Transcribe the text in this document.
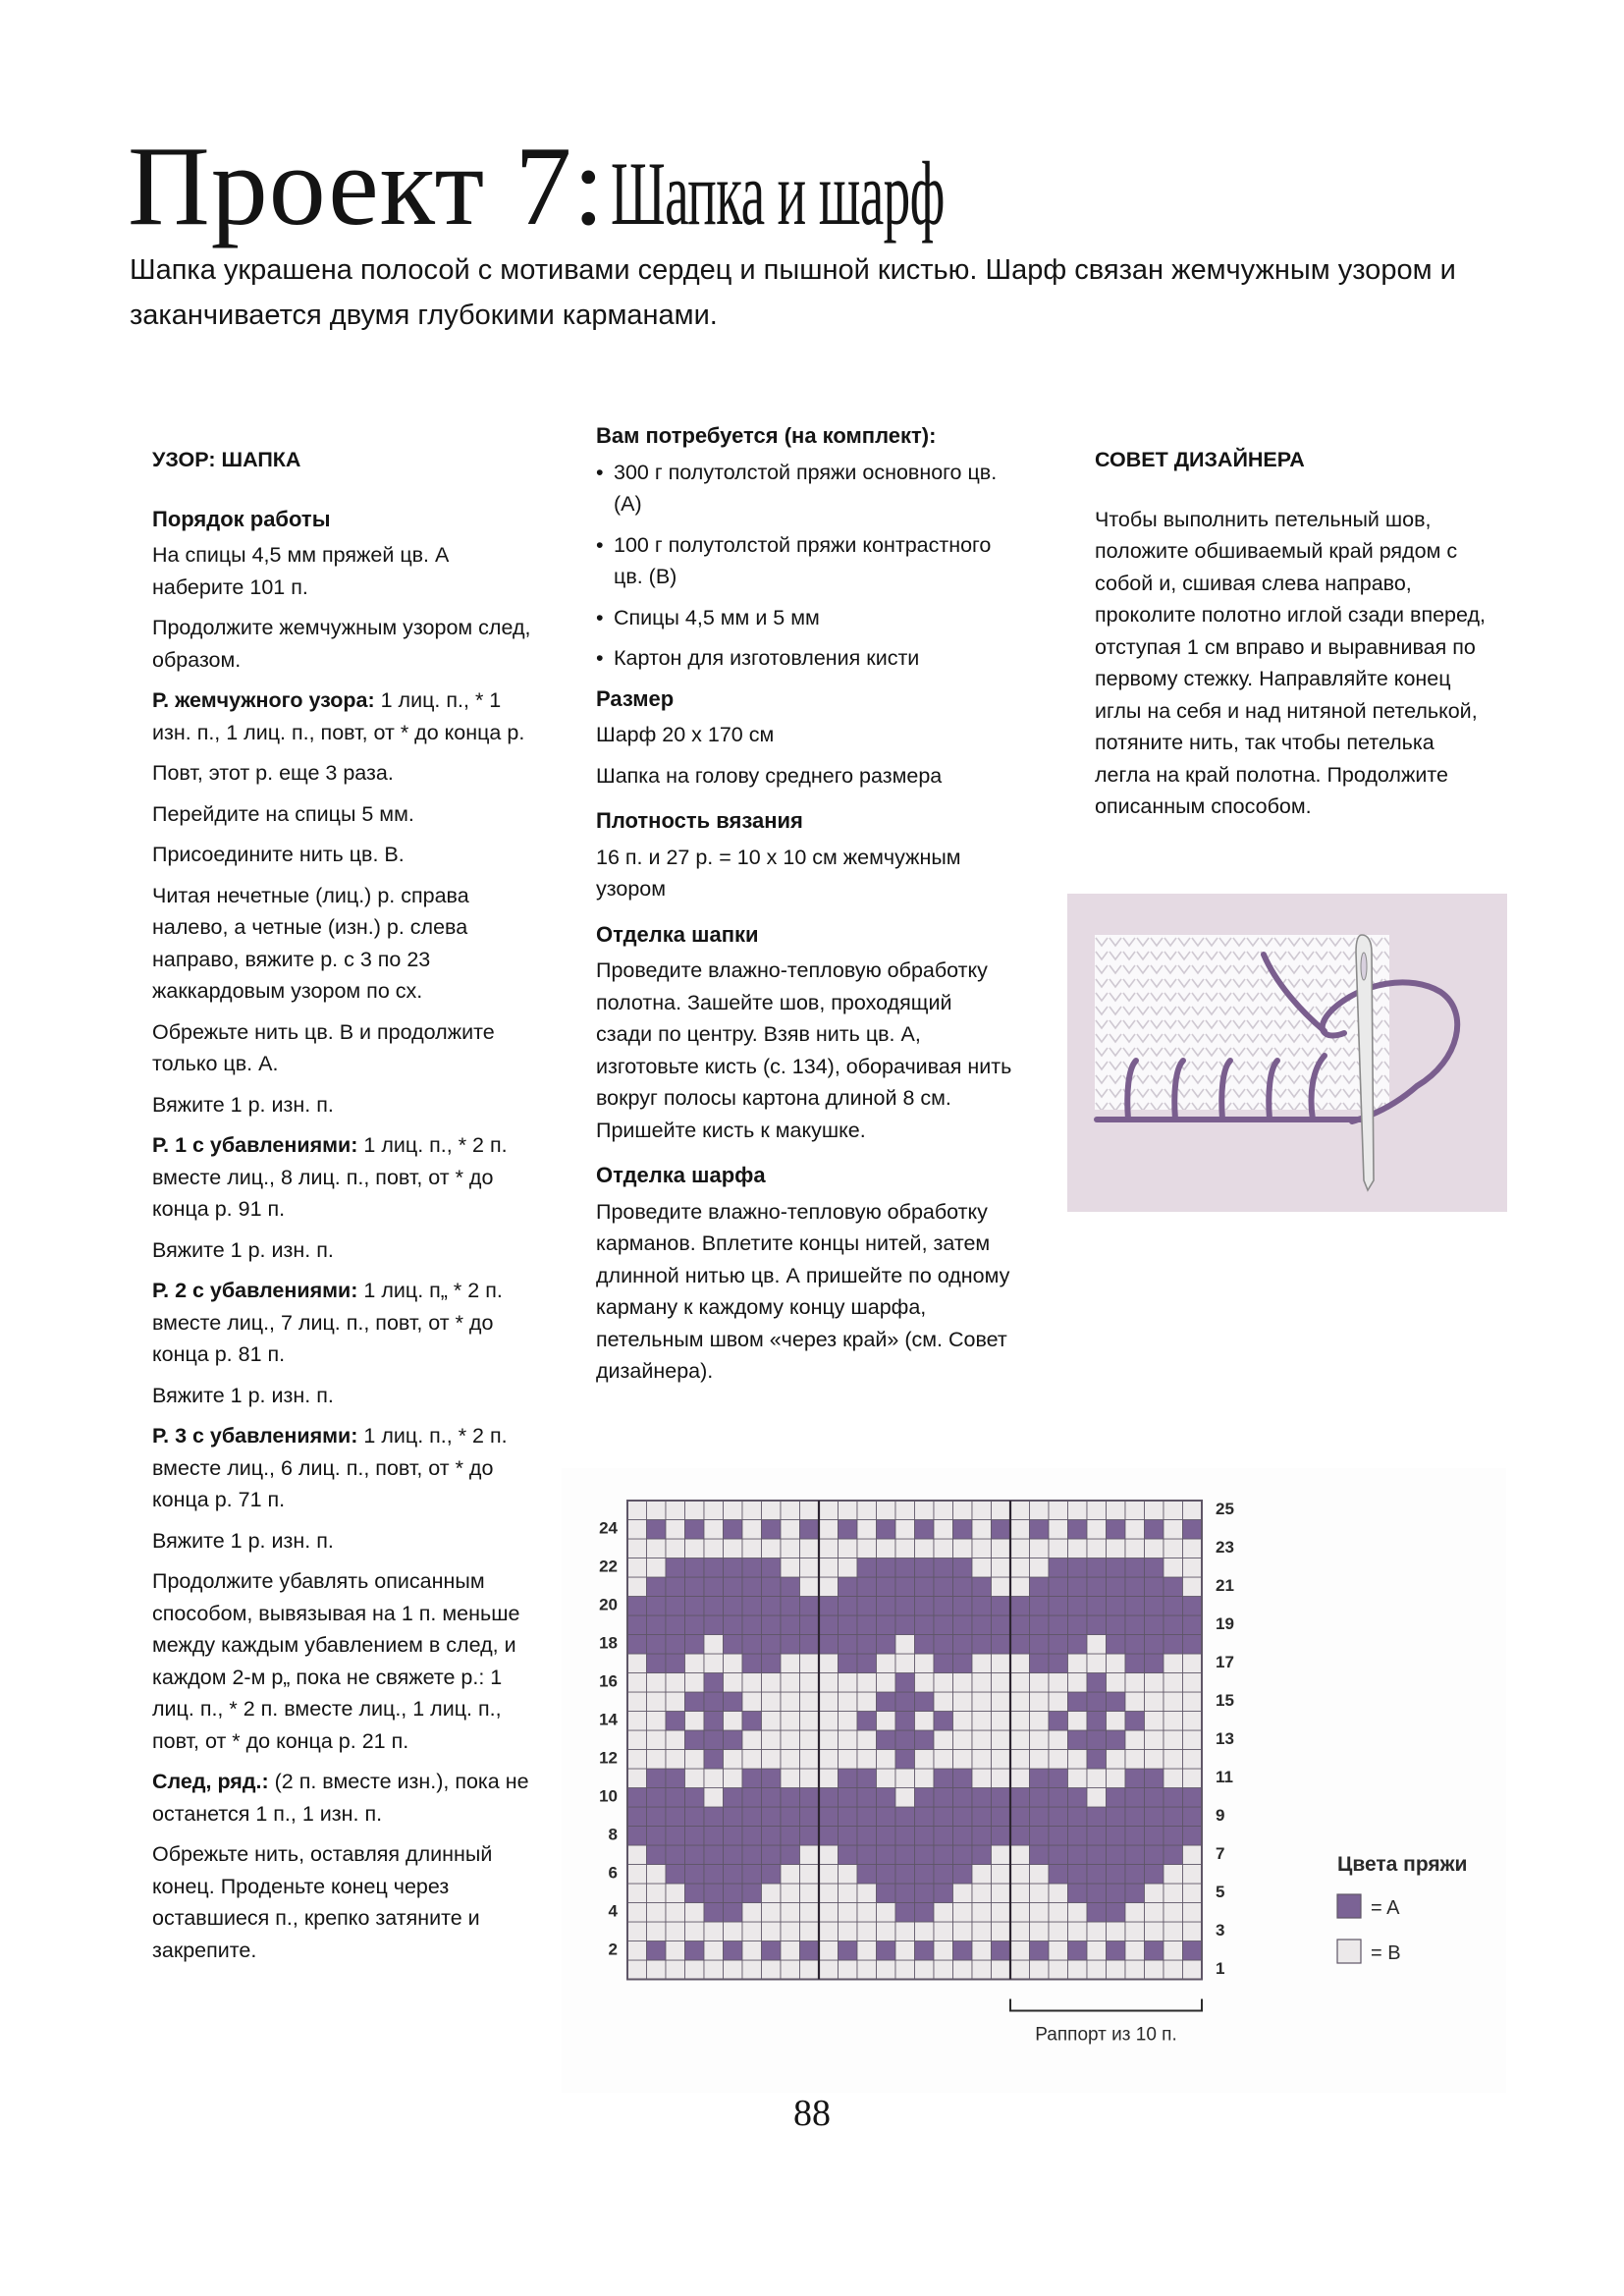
Проект 7:Шапка и шарф
Шапка украшена полосой с мотивами сердец и пышной кистью. Шарф связан жемчужным узором и заканчивается двумя глубокими карманами.
УЗОР: ШАПКА
Порядок работы

На спицы 4,5 мм пряжей цв. А наберите 101 п.

Продолжите жемчужным узором след, образом.

Р. жемчужного узора: 1 лиц. п., * 1 изн. п., 1 лиц. п., повт, от * до конца р.

Повт, этот р. еще 3 раза.

Перейдите на спицы 5 мм.

Присоедините нить цв. В.

Читая нечетные (лиц.) р. справа налево, а четные (изн.) р. слева направо, вяжите р. с 3 по 23 жаккардовым узором по сх.

Обрежьте нить цв. В и продолжите только цв. А.

Вяжите 1 р. изн. п.

Р. 1 с убавлениями: 1 лиц. п., * 2 п. вместе лиц., 8 лиц. п., повт, от * до конца р. 91 п.

Вяжите 1 р. изн. п.

Р. 2 с убавлениями: 1 лиц. п„ * 2 п. вместе лиц., 7 лиц. п., повт, от * до конца р. 81 п.

Вяжите 1 р. изн. п.

Р. 3 с убавлениями: 1 лиц. п., * 2 п. вместе лиц., 6 лиц. п., повт, от * до конца р. 71 п.

Вяжите 1 р. изн. п.

Продолжите убавлять описанным способом, вывязывая на 1 п. меньше между каждым убавлением в след, и каждом 2-м р„ пока не свяжете р.: 1 лиц. п., * 2 п. вместе лиц., 1 лиц. п., повт, от * до конца р. 21 п.

След, ряд.: (2 п. вместе изн.), пока не останется 1 п., 1 изн. п.

Обрежьте нить, оставляя длинный конец. Проденьте конец через оставшиеся п., крепко затяните и закрепите.

Вам потребуется (на комплект):
• 300 г полутолстой пряжи основного цв. (А)
• 100 г полутолстой пряжи контрастного цв. (В)
• Спицы 4,5 мм и 5 мм
• Картон для изготовления кисти
Размер

Шарф 20 х 170 см

Шапка на голову среднего размера

Плотность вязания

16 п. и 27 р. = 10 х 10 см жемчужным узором

Отделка шапки

Проведите влажно-тепловую обработку полотна. Зашейте шов, проходящий сзади по центру. Взяв нить цв. А, изготовьте кисть (с. 134), оборачивая нить вокруг полосы картона длиной 8 см. Пришейте кисть к макушке.

Отделка шарфа

Проведите влажно-тепловую обработку карманов. Вплетите концы нитей, затем длинной нитью цв. А пришейте по одному карману к каждому концу шарфа, петельным швом «через край» (см. Совет дизайнера).

СОВЕТ ДИЗАЙНЕРА

Чтобы выполнить петельный шов, положите обшиваемый край рядом с собой и, сшивая слева направо, проколите полотно иглой сзади вперед, отступая 1 см вправо и выравнивая по первому стежку. Направляйте конец иглы на себя и над нитяной петелькой, потяните нить, так чтобы петелька легла на край полотна. Продолжите описанным способом.

2
4
6
8
10
12
14
16
18
20
22
24
1
3
5
7
9
11
13
15
17
19
21
23
25
Раппорт из 10 п.
Цвета пряжи
= A
= B
88
